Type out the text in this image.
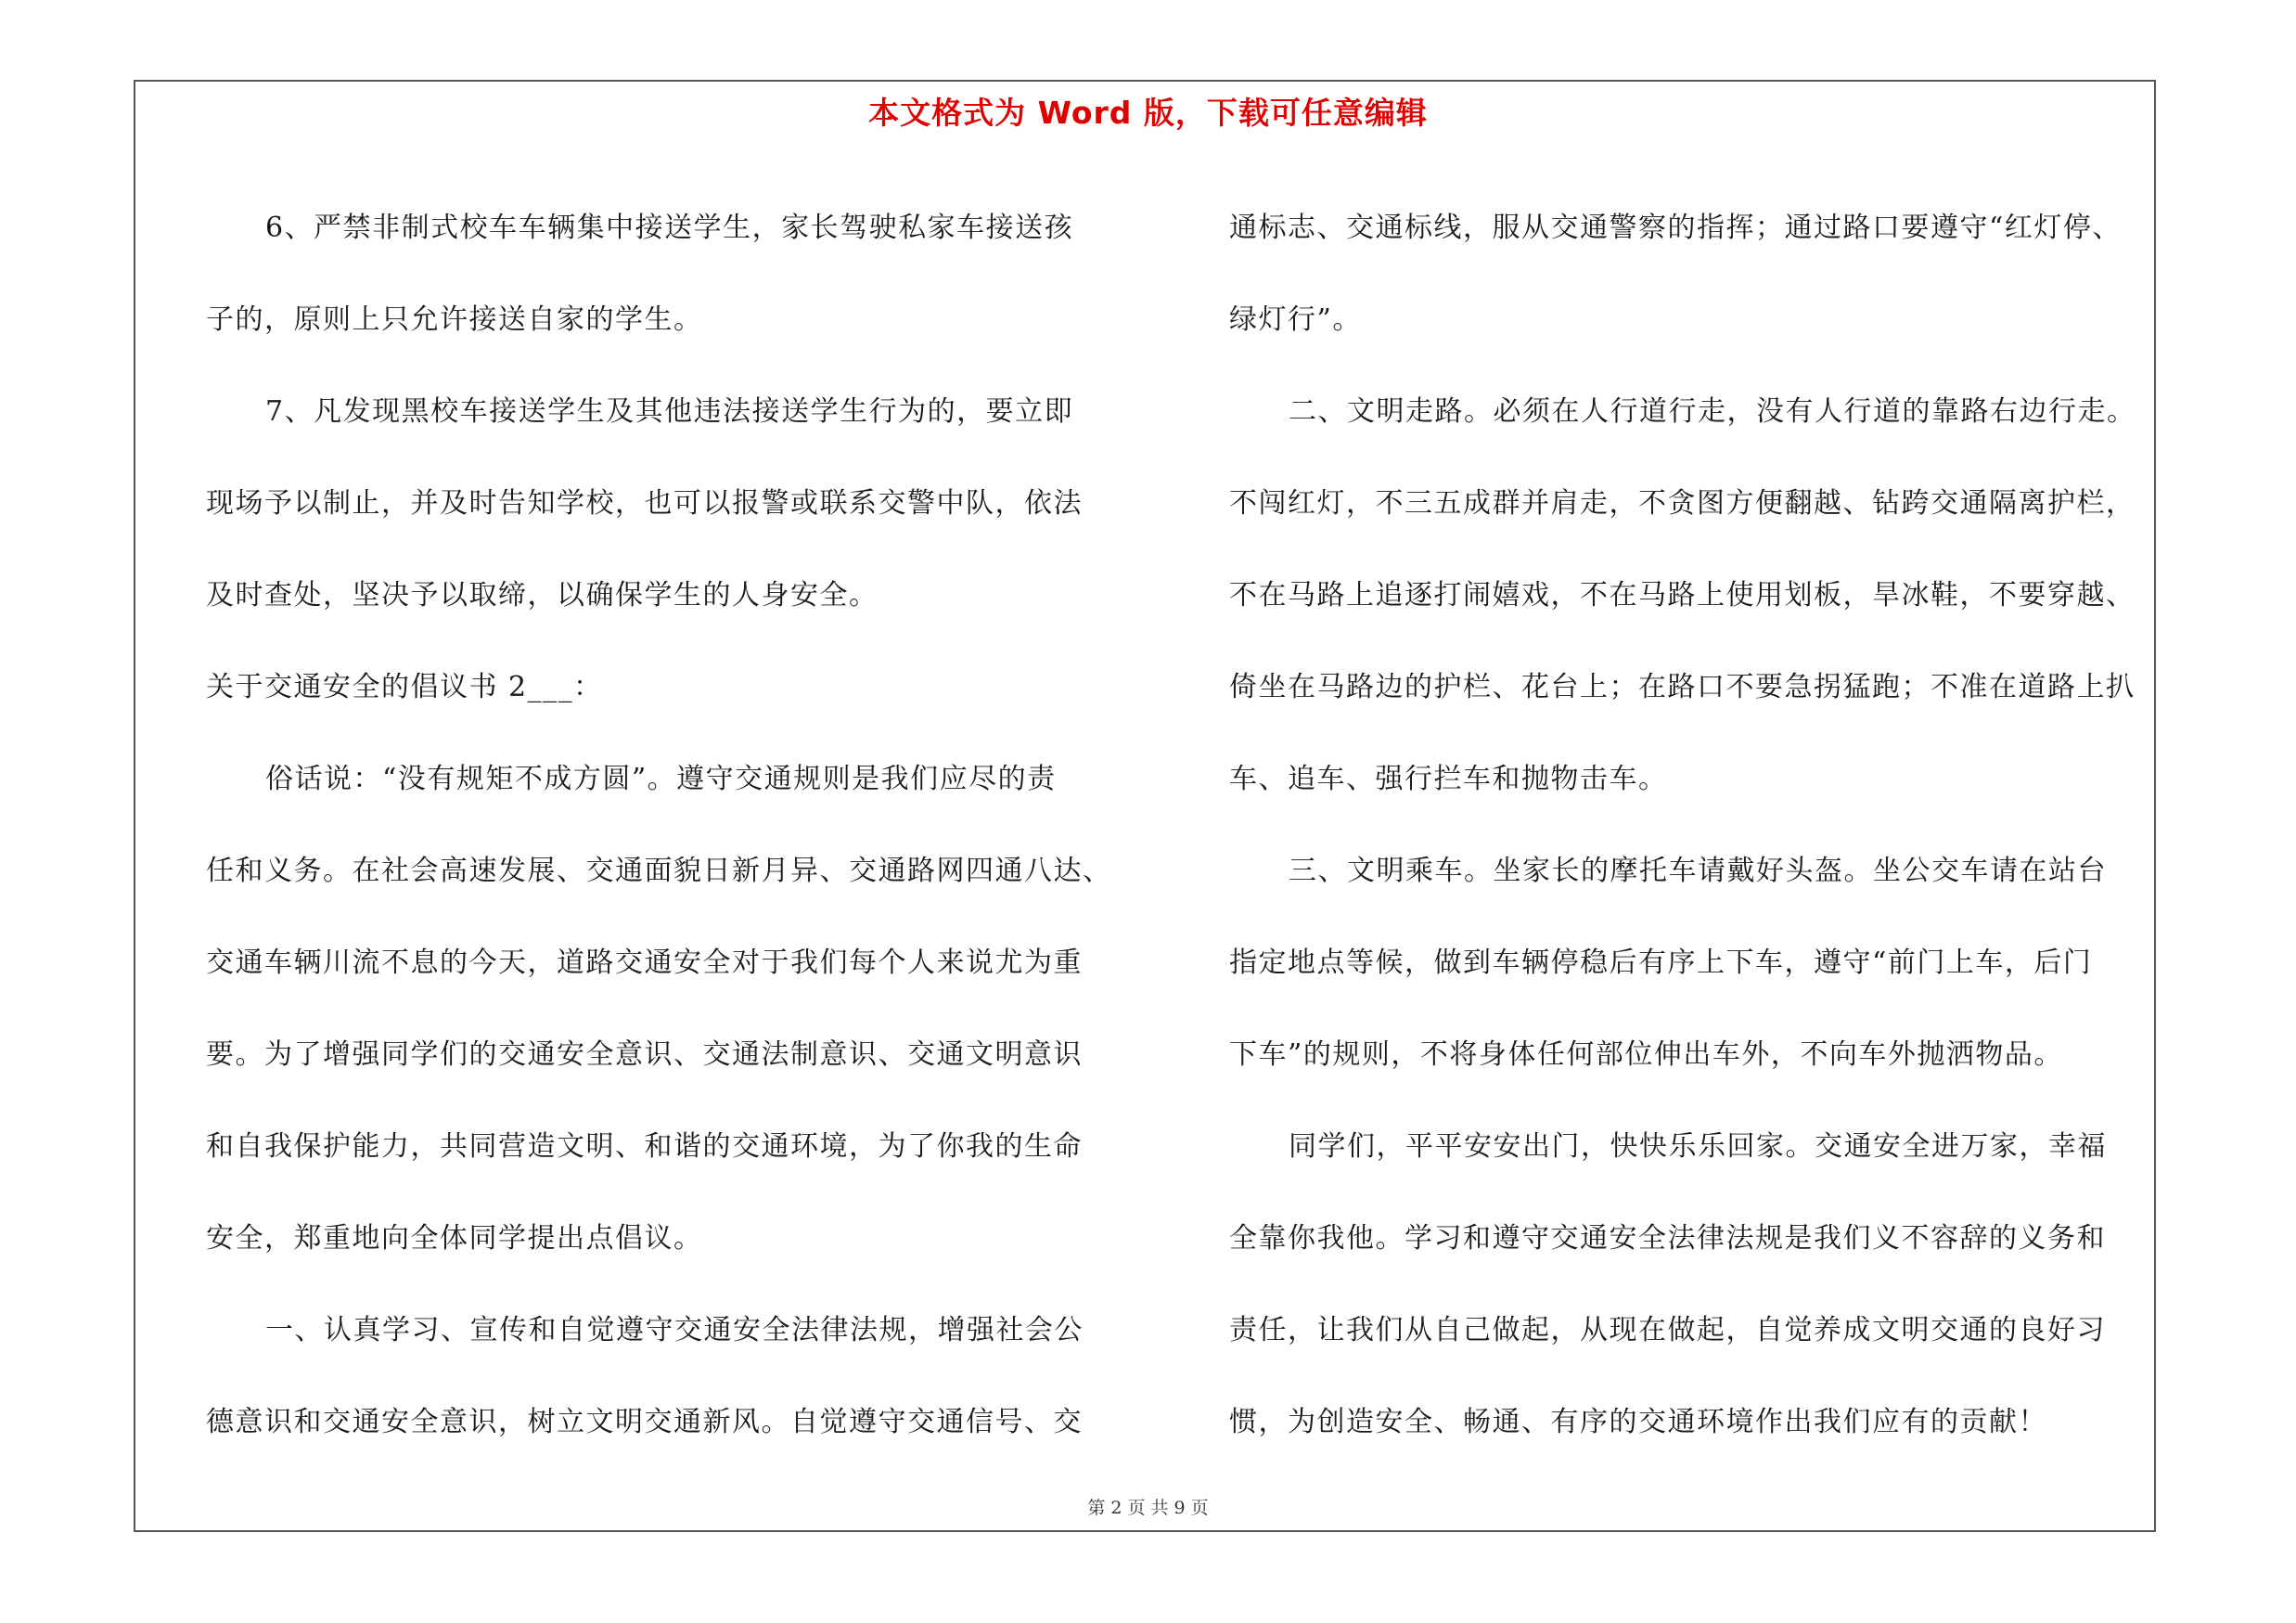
本文格式为 Word 版，下载可任意编辑
6、严禁非制式校车车辆集中接送学生，家长驾驶私家车接送孩
子的，原则上只允许接送自家的学生。
7、凡发现黑校车接送学生及其他违法接送学生行为的，要立即
现场予以制止，并及时告知学校，也可以报警或联系交警中队，依法
及时查处，坚决予以取缔，以确保学生的人身安全。
关于交通安全的倡议书 2___：
俗话说：“没有规矩不成方圆”。遵守交通规则是我们应尽的责
任和义务。在社会高速发展、交通面貌日新月异、交通路网四通八达、
交通车辆川流不息的今天，道路交通安全对于我们每个人来说尤为重
要。为了增强同学们的交通安全意识、交通法制意识、交通文明意识
和自我保护能力，共同营造文明、和谐的交通环境，为了你我的生命
安全，郑重地向全体同学提出点倡议。
一、认真学习、宣传和自觉遵守交通安全法律法规，增强社会公
德意识和交通安全意识，树立文明交通新风。自觉遵守交通信号、交
通标志、交通标线，服从交通警察的指挥；通过路口要遵守“红灯停、
绿灯行”。
二、文明走路。必须在人行道行走，没有人行道的靠路右边行走。
不闯红灯，不三五成群并肩走，不贪图方便翻越、钻跨交通隔离护栏，
不在马路上追逐打闹嬉戏，不在马路上使用划板，旱冰鞋，不要穿越、
倚坐在马路边的护栏、花台上；在路口不要急拐猛跑；不准在道路上扒
车、追车、强行拦车和抛物击车。
三、文明乘车。坐家长的摩托车请戴好头盔。坐公交车请在站台
指定地点等候，做到车辆停稳后有序上下车，遵守“前门上车，后门
下车”的规则，不将身体任何部位伸出车外，不向车外抛洒物品。
同学们，平平安安出门，快快乐乐回家。交通安全进万家，幸福
全靠你我他。学习和遵守交通安全法律法规是我们义不容辞的义务和
责任，让我们从自己做起，从现在做起，自觉养成文明交通的良好习
惯，为创造安全、畅通、有序的交通环境作出我们应有的贡献！
第 2 页 共 9 页
